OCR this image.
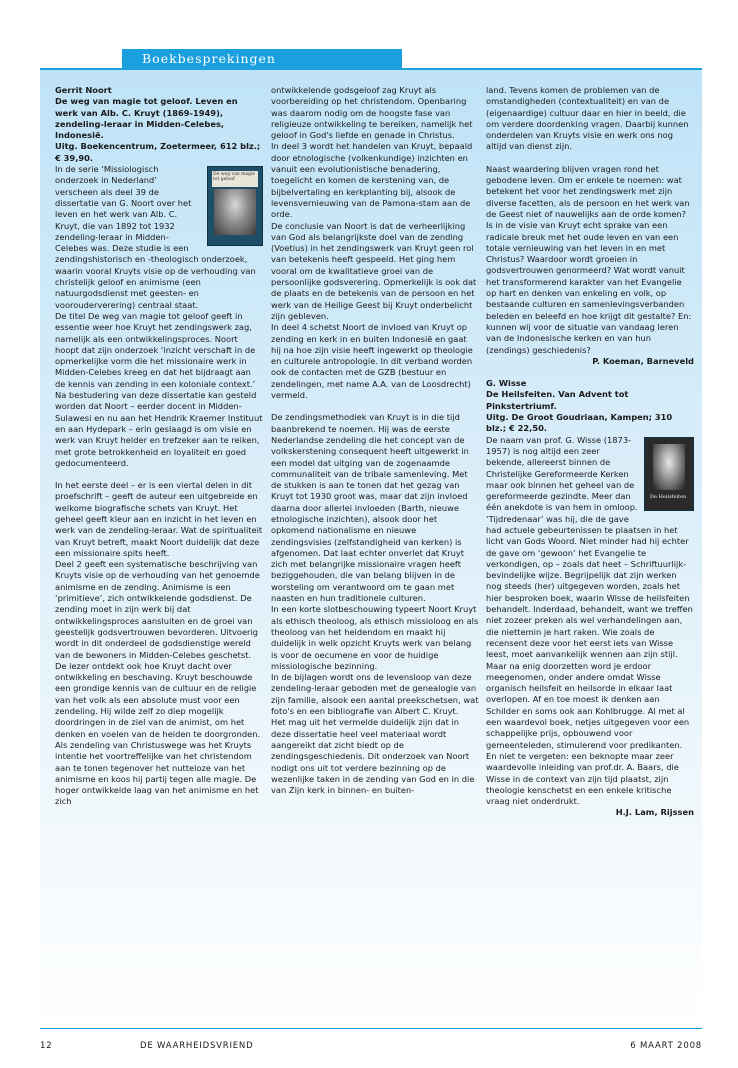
Boekbesprekingen

Gerrit Noort

De weg van magie tot geloof. Leven en werk van Alb. C. Kruyt (1869-1949), zendeling-leraar in Midden-Celebes, Indonesië.

Uitg. Boekencentrum, Zoetermeer, 612 blz.; € 39,90.

De weg van magie tot geloof

In de serie ‘Missiologisch onderzoek in Nederland’ verscheen als deel 39 de dissertatie van G. Noort over het leven en het werk van Alb. C. Kruyt, die van 1892 tot 1932 zendeling-leraar in Midden-Celebes was. Deze studie is een zendingshistorisch en -theologisch onderzoek, waarin vooral Kruyts visie op de verhouding van christelijk geloof en animisme (een natuurgodsdienst met geesten- en voorouderverering) centraal staat.

De titel De weg van magie tot geloof geeft in essentie weer hoe Kruyt het zendingswerk zag, namelijk als een ontwikkelingsproces. Noort hoopt dat zijn onderzoek ‘inzicht verschaft in de opmerkelijke vorm die het missionaire werk in Midden-Celebes kreeg en dat het bijdraagt aan de kennis van zending in een koloniale context.’

Na bestudering van deze dissertatie kan gesteld worden dat Noort – eerder docent in Midden-Sulawesi en nu aan het Hendrik Kraemer Instituut en aan Hydepark – erin geslaagd is om visie en werk van Kruyt helder en trefzeker aan te reiken, met grote betrokkenheid en loyaliteit en goed gedocumenteerd.

In het eerste deel – er is een viertal delen in dit proefschrift – geeft de auteur een uitgebreide en welkome biografische schets van Kruyt. Het geheel geeft kleur aan en inzicht in het leven en werk van de zendeling-leraar. Wat de spiritualiteit van Kruyt betreft, maakt Noort duidelijk dat deze een missionaire spits heeft.

Deel 2 geeft een systematische beschrijving van Kruyts visie op de verhouding van het genoemde animisme en de zending. Animisme is een ‘primitieve’, zich ontwikkelende godsdienst. De zending moet in zijn werk bij dat ontwikkelingsproces aansluiten en de groei van geestelijk godsvertrouwen bevorderen. Uitvoerig wordt in dit onderdeel de godsdienstige wereld van de bewoners in Midden-Celebes geschetst.

De lezer ontdekt ook hoe Kruyt dacht over ontwikkeling en beschaving. Kruyt beschouwde een grondige kennis van de cultuur en de religie van het volk als een absolute must voor een zendeling. Hij wilde zelf zo diep mogelijk doordringen in de ziel van de animist, om het denken en voelen van de heiden te doorgronden.

Als zendeling van Christuswege was het Kruyts intentie het voortreffelijke van het christendom aan te tonen tegenover het nutteloze van het animisme en koos hij partij tegen alle magie. De hoger ontwikkelde laag van het animisme en het zich

ontwikkelende godsgeloof zag Kruyt als voorbereiding op het christendom. Openbaring was daarom nodig om de hoogste fase van religieuze ontwikkeling te bereiken, namelijk het geloof in God's liefde en genade in Christus.

In deel 3 wordt het handelen van Kruyt, bepaald door etnologische (volkenkundige) inzichten en vanuit een evolutionistische benadering, toegelicht en komen de kerstening van, de bijbelvertaling en kerkplanting bij, alsook de levensvernieuwing van de Pamona-stam aan de orde.

De conclusie van Noort is dat de verheerlijking van God als belangrijkste doel van de zending (Voetius) in het zendingswerk van Kruyt geen rol van betekenis heeft gespeeld. Het ging hem vooral om de kwalitatieve groei van de persoonlijke godsverering. Opmerkelijk is ook dat de plaats en de betekenis van de persoon en het werk van de Heilige Geest bij Kruyt onderbelicht zijn gebleven.

In deel 4 schetst Noort de invloed van Kruyt op zending en kerk in en buiten Indonesië en gaat hij na hoe zijn visie heeft ingewerkt op theologie en culturele antropologie. In dit verband worden ook de contacten met de GZB (bestuur en zendelingen, met name A.A. van de Loosdrecht) vermeld.

De zendingsmethodiek van Kruyt is in die tijd baanbrekend te noemen. Hij was de eerste Nederlandse zendeling die het concept van de volkskerstening consequent heeft uitgewerkt in een model dat uitging van de zogenaamde communaliteit van de tribale samenleving. Met de stukken is aan te tonen dat het gezag van Kruyt tot 1930 groot was, maar dat zijn invloed daarna door allerlei invloeden (Barth, nieuwe etnologische inzichten), alsook door het opkomend nationalisme en nieuwe zendingsvisies (zelfstandigheid van kerken) is afgenomen. Dat laat echter onverlet dat Kruyt zich met belangrijke missionaire vragen heeft beziggehouden, die van belang blijven in de worsteling om verantwoord om te gaan met naasten en hun traditionele culturen.

In een korte slotbeschouwing typeert Noort Kruyt als ethisch theoloog, als ethisch missioloog en als theoloog van het heidendom en maakt hij duidelijk in welk opzicht Kruyts werk van belang is voor de oecumene en voor de huidige missiologische bezinning.

In de bijlagen wordt ons de levensloop van deze zendeling-leraar geboden met de genealogie van zijn familie, alsook een aantal preekschetsen, wat foto's en een bibliografie van Albert C. Kruyt.

Het mag uit het vermelde duidelijk zijn dat in deze dissertatie heel veel materiaal wordt aangereikt dat zicht biedt op de zendingsgeschiedenis. Dit onderzoek van Noort nodigt ons uit tot verdere bezinning op de wezenlijke taken in de zending van God en in die van Zijn kerk in binnen- en buiten-

land. Tevens komen de problemen van de omstandigheden (contextualiteit) en van de (eigenaardige) cultuur daar en hier in beeld, die om verdere doordenking vragen. Daarbij kunnen onderdelen van Kruyts visie en werk ons nog altijd van dienst zijn.

Naast waardering blijven vragen rond het gebodene leven. Om er enkele te noemen: wat betekent het voor het zendingswerk met zijn diverse facetten, als de persoon en het werk van de Geest niet of nauwelijks aan de orde komen? Is in de visie van Kruyt echt sprake van een radicale breuk met het oude leven en van een totale vernieuwing van het leven in en met Christus? Waardoor wordt groeien in godsvertrouwen genormeerd? Wat wordt vanuit het transformerend karakter van het Evangelie op hart en denken van enkeling en volk, op bestaande culturen en samenlevingsverbanden beleden en beleefd en hoe krijgt dit gestalte? En: kunnen wij voor de situatie van vandaag leren van de Indonesische kerken en van hun (zendings) geschiedenis?

P. Koeman, Barneveld

G. Wisse

De Heilsfeiten. Van Advent tot Pinkstertriumf.

Uitg. De Groot Goudriaan, Kampen; 310 blz.; € 22,50.

De Heilsfeiten

De naam van prof. G. Wisse (1873-1957) is nog altijd een zeer bekende, allereerst binnen de Christelijke Gereformeerde Kerken maar ook binnen het geheel van de gereformeerde gezindte. Meer dan één anekdote is van hem in omloop. ‘Tijdredenaar’ was hij, die de gave had actuele gebeurtenissen te plaatsen in het licht van Gods Woord. Niet minder had hij echter de gave om ‘gewoon’ het Evangelie te verkondigen, op – zoals dat heet – Schriftuurlijk-bevindelijke wijze. Begrijpelijk dat zijn werken nog steeds (her) uitgegeven worden, zoals het hier besproken boek, waarin Wisse de heilsfeiten behandelt. Inderdaad, behandelt, want we treffen niet zozeer preken als wel verhandelingen aan, die niettemin je hart raken. Wie zoals de recensent deze voor het eerst iets van Wisse leest, moet aanvankelijk wennen aan zijn stijl. Maar na enig doorzetten word je erdoor meegenomen, onder andere omdat Wisse organisch heilsfeit en heilsorde in elkaar laat overlopen. Af en toe moest ik denken aan Schilder en soms ook aan Kohlbrugge. Al met al een waardevol boek, netjes uitgegeven voor een schappelijke prijs, opbouwend voor gemeenteleden, stimulerend voor predikanten. En niet te vergeten: een beknopte maar zeer waardevolle inleiding van prof.dr. A. Baars, die Wisse in de context van zijn tijd plaatst, zijn theologie kenschetst en een enkele kritische vraag niet onderdrukt.

H.J. Lam, Rijssen

12	DE WAARHEIDSVRIEND	6 MAART 2008
